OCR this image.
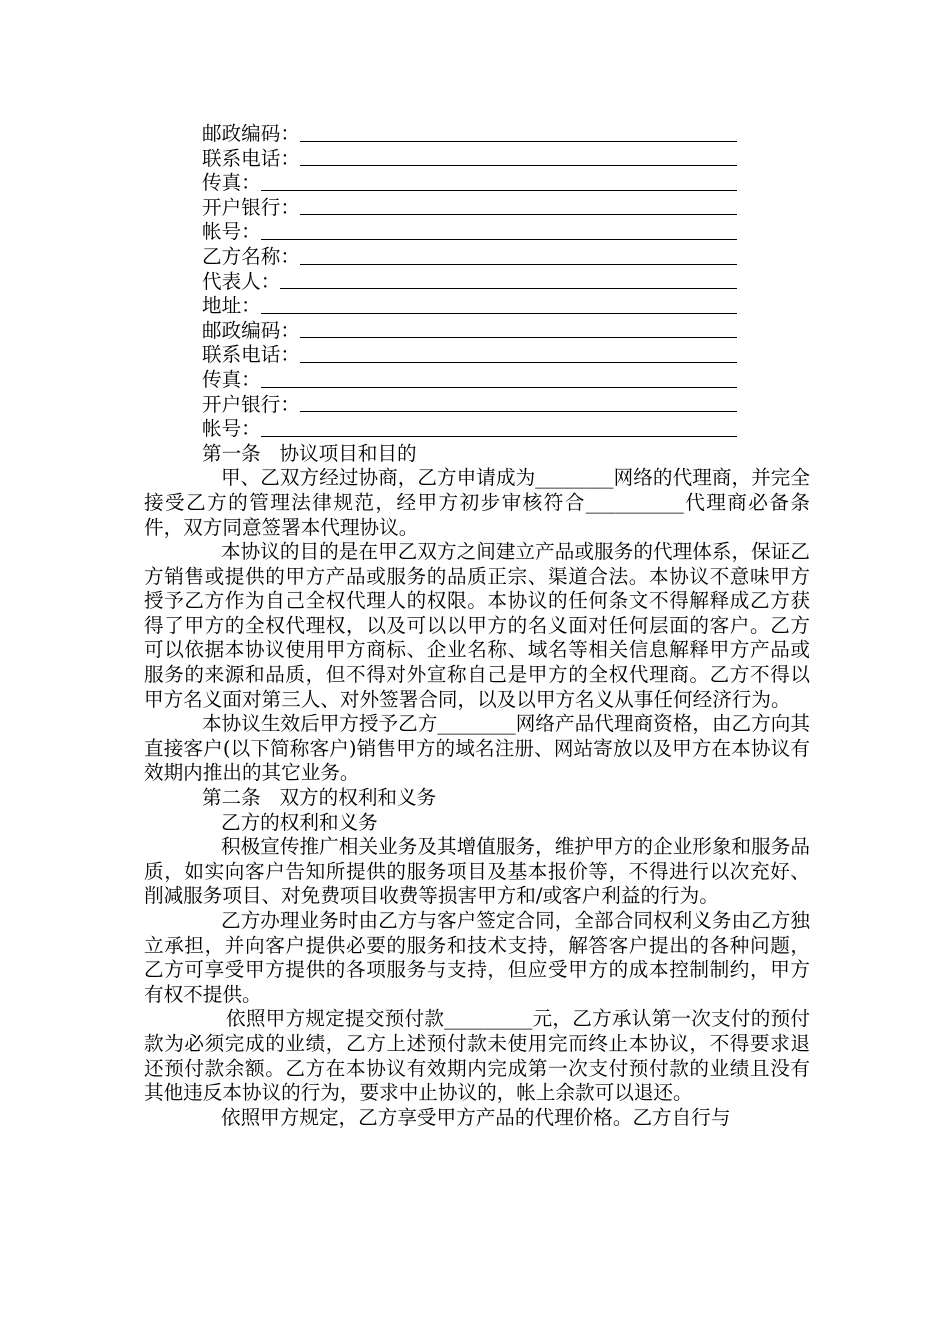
邮政编码：
联系电话：
传真：
开户银行：
帐号：
乙方名称：
代表人：
地址：
邮政编码：
联系电话：
传真：
开户银行：
帐号：
第一条   协议项目和目的

甲、乙双方经过协商，乙方申请成为________网络的代理商，并完全接受乙方的管理法律规范，经甲方初步审核符合__________代理商必备条件，双方同意签署本代理协议。

本协议的目的是在甲乙双方之间建立产品或服务的代理体系，保证乙方销售或提供的甲方产品或服务的品质正宗、渠道合法。本协议不意味甲方授予乙方作为自己全权代理人的权限。本协议的任何条文不得解释成乙方获得了甲方的全权代理权，以及可以以甲方的名义面对任何层面的客户。乙方可以依据本协议使用甲方商标、企业名称、域名等相关信息解释甲方产品或服务的来源和品质，但不得对外宣称自己是甲方的全权代理商。乙方不得以甲方名义面对第三人、对外签署合同，以及以甲方名义从事任何经济行为。

本协议生效后甲方授予乙方________网络产品代理商资格，由乙方向其直接客户(以下简称客户)销售甲方的域名注册、网站寄放以及甲方在本协议有效期内推出的其它业务。

第二条   双方的权利和义务
乙方的权利和义务

积极宣传推广相关业务及其增值服务，维护甲方的企业形象和服务品质，如实向客户告知所提供的服务项目及基本报价等，不得进行以次充好、削减服务项目、对免费项目收费等损害甲方和/或客户利益的行为。

乙方办理业务时由乙方与客户签定合同，全部合同权利义务由乙方独立承担，并向客户提供必要的服务和技术支持，解答客户提出的各种问题，乙方可享受甲方提供的各项服务与支持，但应受甲方的成本控制制约，甲方有权不提供。

依照甲方规定提交预付款_________元，乙方承认第一次支付的预付款为必须完成的业绩，乙方上述预付款未使用完而终止本协议，不得要求退还预付款余额。乙方在本协议有效期内完成第一次支付预付款的业绩且没有其他违反本协议的行为，要求中止协议的，帐上余款可以退还。

依照甲方规定，乙方享受甲方产品的代理价格。乙方自行与
